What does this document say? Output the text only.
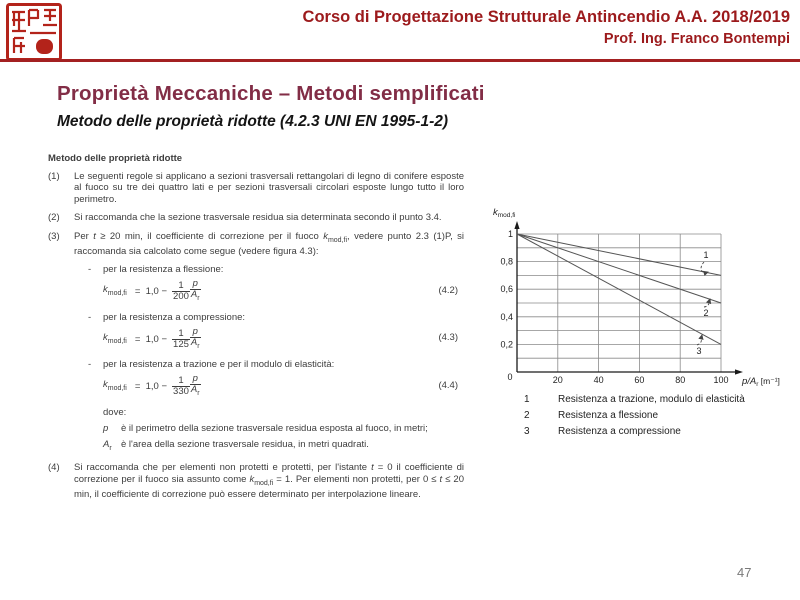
Corso di Progettazione Strutturale Antincendio A.A. 2018/2019
Prof. Ing. Franco Bontempi
Proprietà Meccaniche – Metodi semplificati
Metodo delle proprietà ridotte (4.2.3 UNI EN 1995-1-2)
Metodo delle proprietà ridotte
(1)	Le seguenti regole si applicano a sezioni trasversali rettangolari di legno di conifere esposte al fuoco su tre dei quattro lati e per sezioni trasversali circolari esposte lungo tutto il loro perimetro.
(2)	Si raccomanda che la sezione trasversale residua sia determinata secondo il punto 3.4.
(3)	Per t ≥ 20 min, il coefficiente di correzione per il fuoco $k_{mod,fi}$, vedere punto 2.3 (1)P, si raccomanda sia calcolato come segue (vedere figura 4.3):
-	per la resistenza a flessione:
$k_{mod,fi} = 1,0 - \frac{1}{200} \frac{p}{A_r}$	(4.2)
-	per la resistenza a compressione:
$k_{mod,fi} = 1,0 - \frac{1}{125} \frac{p}{A_r}$	(4.3)
-	per la resistenza a trazione e per il modulo di elasticità:
$k_{mod,fi} = 1,0 - \frac{1}{330} \frac{p}{A_r}$	(4.4)
dove:
p	è il perimetro della sezione trasversale residua esposta al fuoco, in metri;
$A_r$ è l'area della sezione trasversale residua, in metri quadrati.
(4)	Si raccomanda che per elementi non protetti e protetti, per l'istante t = 0 il coefficiente di correzione per il fuoco sia assunto come $k_{mod,fi} = 1$. Per elementi non protetti, per 0 ≤ t ≤ 20 min, il coefficiente di correzione può essere determinato per interpolazione lineare.
20	40	60	80	100
0,2
0,4
0,6
0,8
1
0
1
2
3
$k_{mod,fi}$
$p/A_r$ [m⁻¹]
1	Resistenza a trazione, modulo di elasticità
2	Resistenza a flessione
3	Resistenza a compressione
47
